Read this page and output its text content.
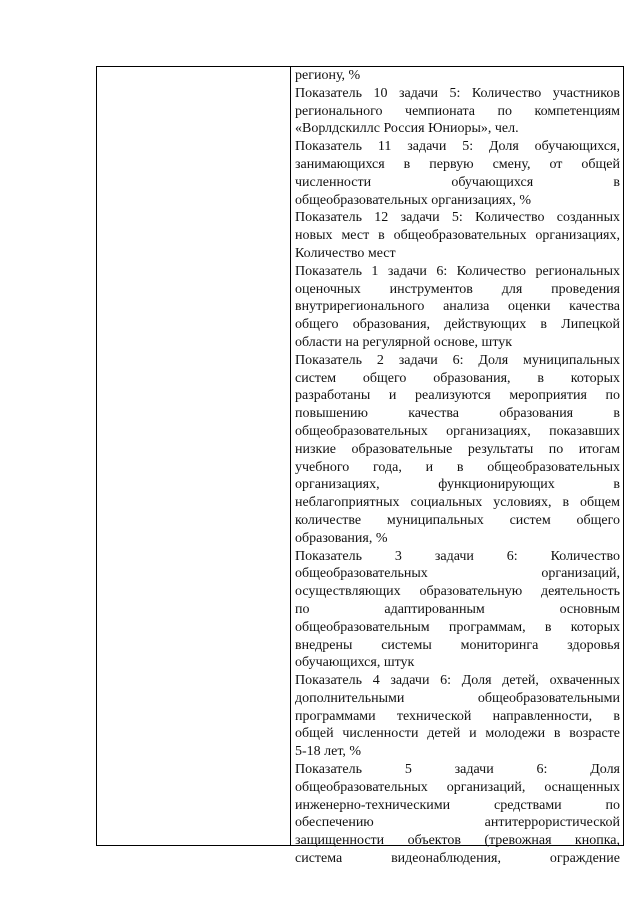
региону, %
Показатель 10 задачи 5: Количество участников
регионального чемпионата по компетенциям
«Ворлдскиллс Россия Юниоры», чел.
Показатель 11 задачи 5: Доля обучающихся,
занимающихся в первую смену, от общей
численности обучающихся в
общеобразовательных организациях, %
Показатель 12 задачи 5: Количество созданных
новых мест в общеобразовательных организациях,
Количество мест
Показатель 1 задачи 6: Количество региональных
оценочных инструментов для проведения
внутрирегионального анализа оценки качества
общего образования, действующих в Липецкой
области на регулярной основе, штук
Показатель 2 задачи 6: Доля муниципальных
систем общего образования, в которых
разработаны и реализуются мероприятия по
повышению качества образования в
общеобразовательных организациях, показавших
низкие образовательные результаты по итогам
учебного года, и в общеобразовательных
организациях, функционирующих в
неблагоприятных социальных условиях, в общем
количестве муниципальных систем общего
образования, %
Показатель 3 задачи 6: Количество
общеобразовательных организаций,
осуществляющих образовательную деятельность
по адаптированным основным
общеобразовательным программам, в которых
внедрены системы мониторинга здоровья
обучающихся, штук
Показатель 4 задачи 6: Доля детей, охваченных
дополнительными общеобразовательными
программами технической направленности, в
общей численности детей и молодежи в возрасте
5-18 лет, %
Показатель 5 задачи 6: Доля
общеобразовательных организаций, оснащенных
инженерно-техническими средствами по
обеспечению антитеррористической
защищенности объектов (тревожная кнопка,
система видеонаблюдения, ограждение
